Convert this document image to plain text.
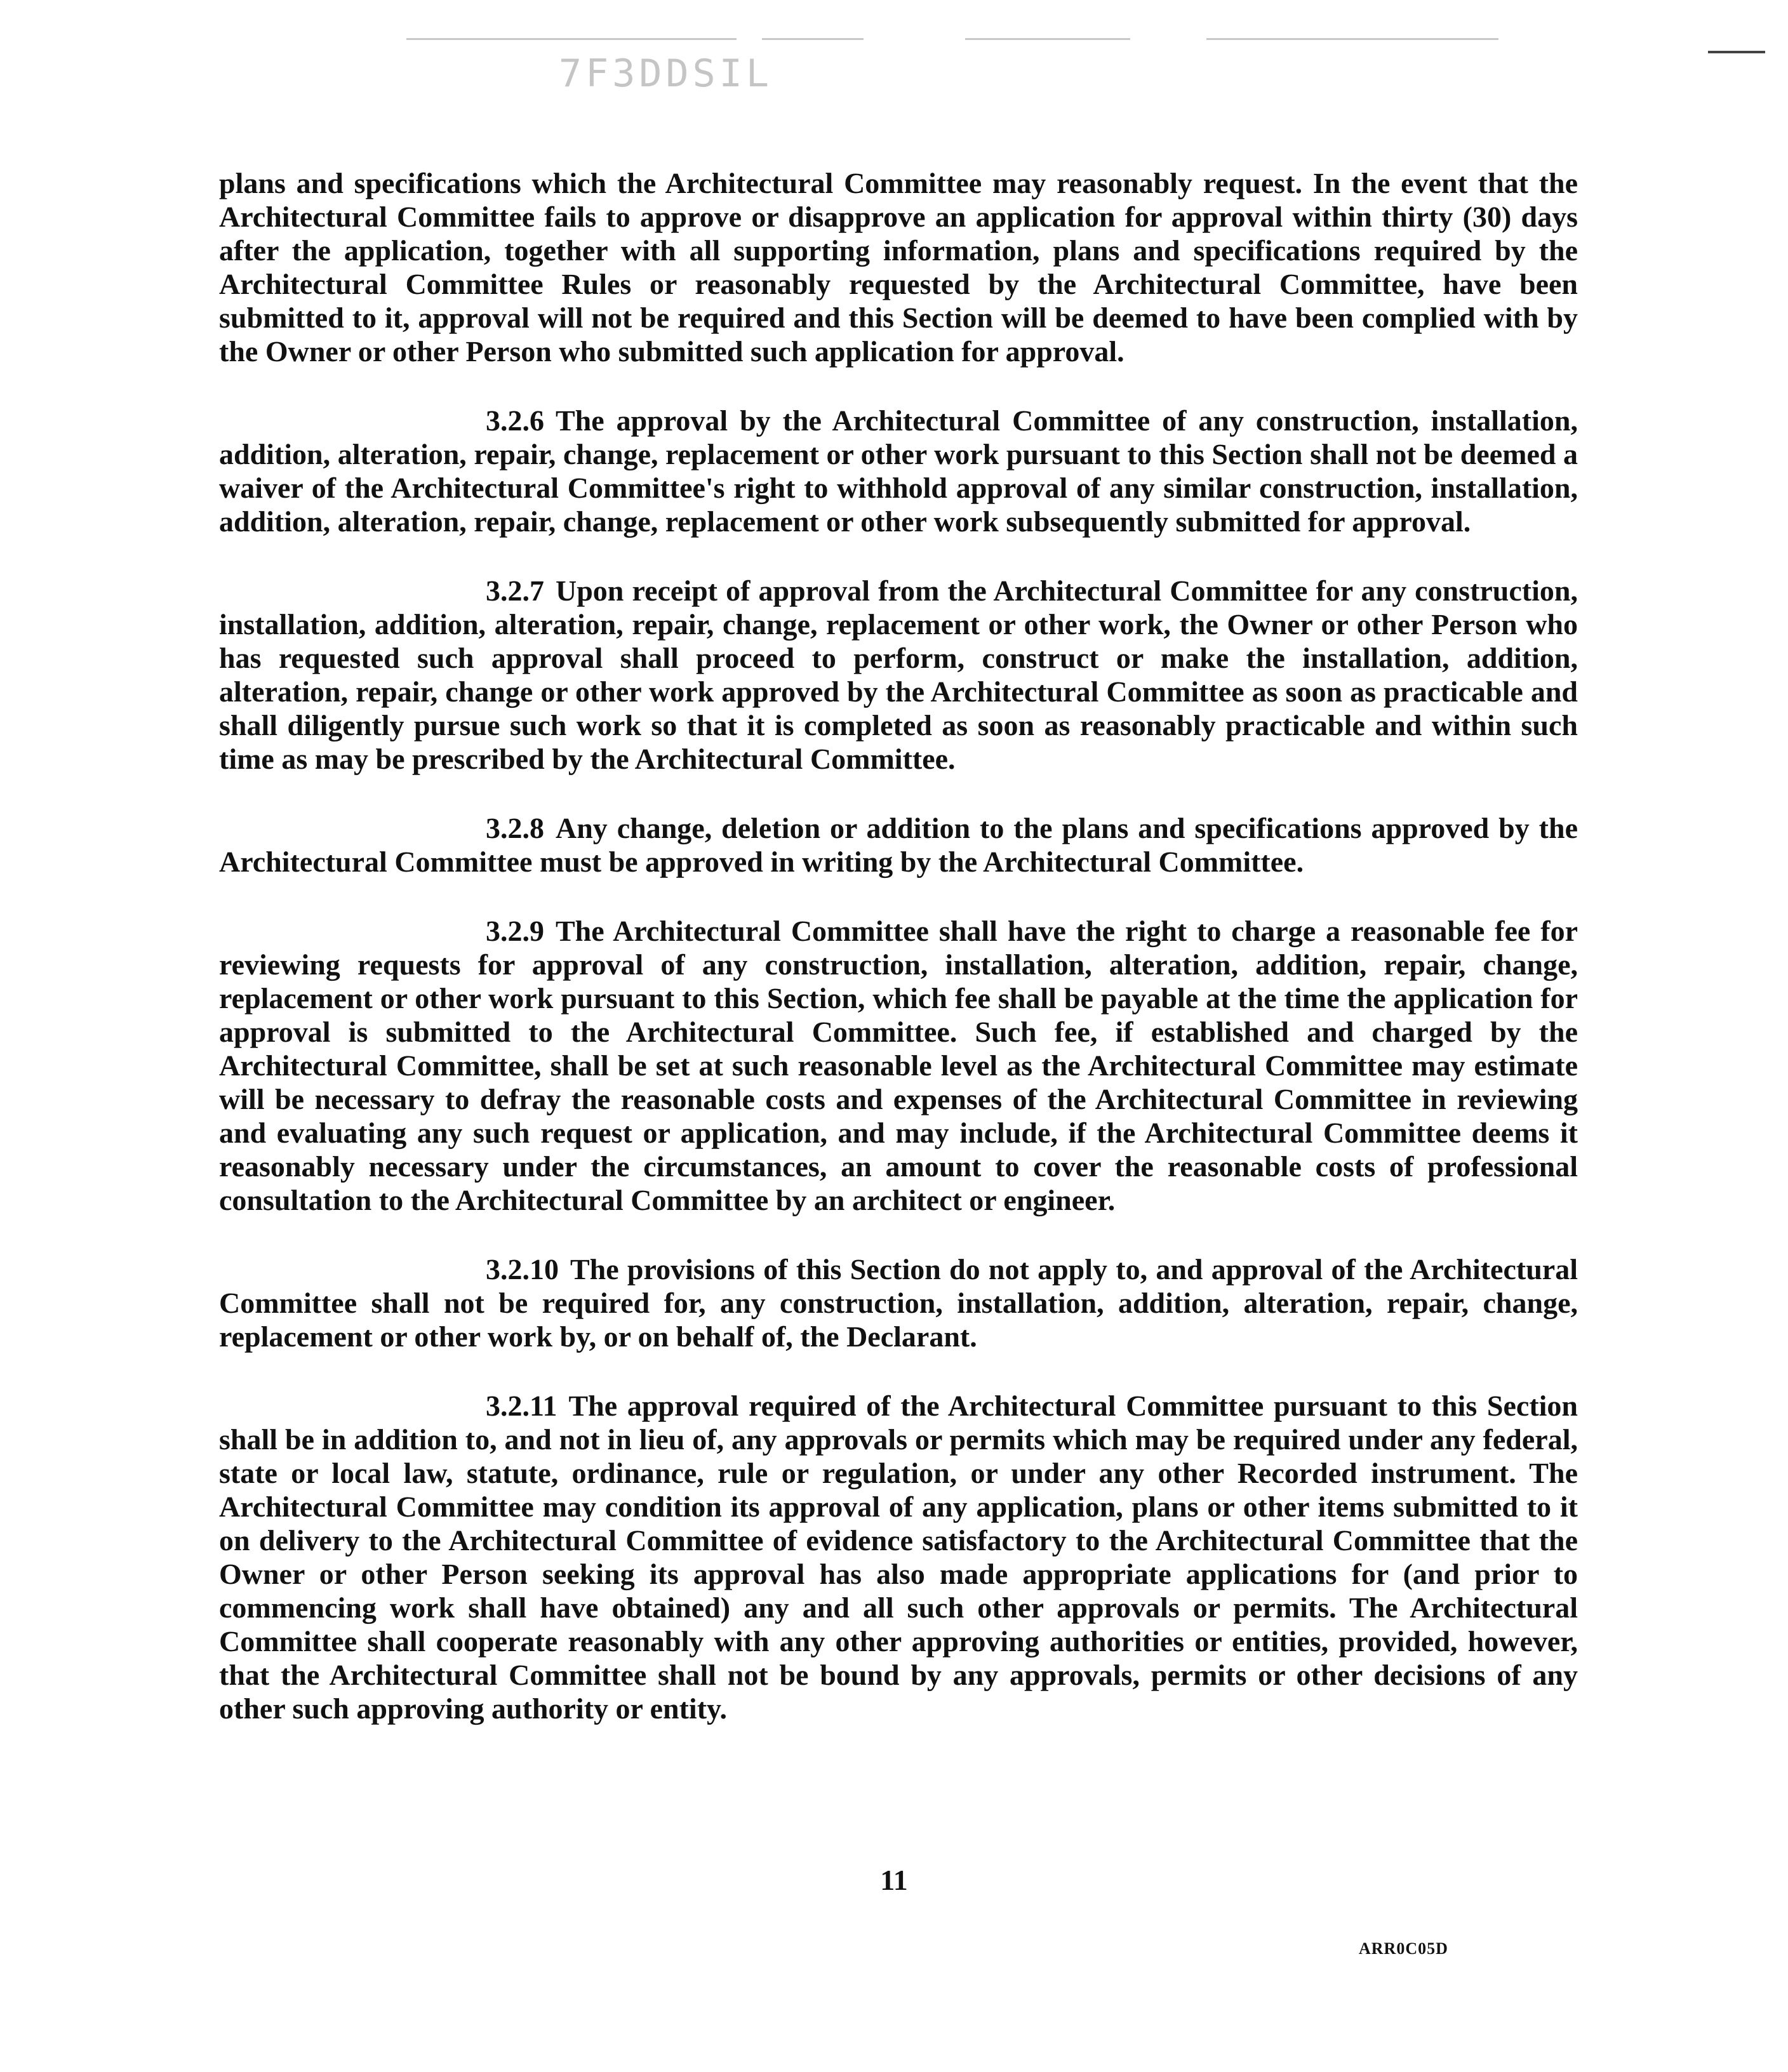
7F3DDSIL

plans and specifications which the Architectural Committee may reasonably request. In the event that the Architectural Committee fails to approve or disapprove an application for approval within thirty (30) days after the application, together with all supporting information, plans and specifications required by the Architectural Committee Rules or reasonably requested by the Architectural Committee, have been submitted to it, approval will not be required and this Section will be deemed to have been complied with by the Owner or other Person who submitted such application for approval.

3.2.6 The approval by the Architectural Committee of any construction, installation, addition, alteration, repair, change, replacement or other work pursuant to this Section shall not be deemed a waiver of the Architectural Committee's right to withhold approval of any similar construction, installation, addition, alteration, repair, change, replacement or other work subsequently submitted for approval.

3.2.7 Upon receipt of approval from the Architectural Committee for any construction, installation, addition, alteration, repair, change, replacement or other work, the Owner or other Person who has requested such approval shall proceed to perform, construct or make the installation, addition, alteration, repair, change or other work approved by the Architectural Committee as soon as practicable and shall diligently pursue such work so that it is completed as soon as reasonably practicable and within such time as may be prescribed by the Architectural Committee.

3.2.8 Any change, deletion or addition to the plans and specifications approved by the Architectural Committee must be approved in writing by the Architectural Committee.

3.2.9 The Architectural Committee shall have the right to charge a reasonable fee for reviewing requests for approval of any construction, installation, alteration, addition, repair, change, replacement or other work pursuant to this Section, which fee shall be payable at the time the application for approval is submitted to the Architectural Committee. Such fee, if established and charged by the Architectural Committee, shall be set at such reasonable level as the Architectural Committee may estimate will be necessary to defray the reasonable costs and expenses of the Architectural Committee in reviewing and evaluating any such request or application, and may include, if the Architectural Committee deems it reasonably necessary under the circumstances, an amount to cover the reasonable costs of professional consultation to the Architectural Committee by an architect or engineer.

3.2.10 The provisions of this Section do not apply to, and approval of the Architectural Committee shall not be required for, any construction, installation, addition, alteration, repair, change, replacement or other work by, or on behalf of, the Declarant.

3.2.11 The approval required of the Architectural Committee pursuant to this Section shall be in addition to, and not in lieu of, any approvals or permits which may be required under any federal, state or local law, statute, ordinance, rule or regulation, or under any other Recorded instrument. The Architectural Committee may condition its approval of any application, plans or other items submitted to it on delivery to the Architectural Committee of evidence satisfactory to the Architectural Committee that the Owner or other Person seeking its approval has also made appropriate applications for (and prior to commencing work shall have obtained) any and all such other approvals or permits. The Architectural Committee shall cooperate reasonably with any other approving authorities or entities, provided, however, that the Architectural Committee shall not be bound by any approvals, permits or other decisions of any other such approving authority or entity.

11
ARR0C05D
